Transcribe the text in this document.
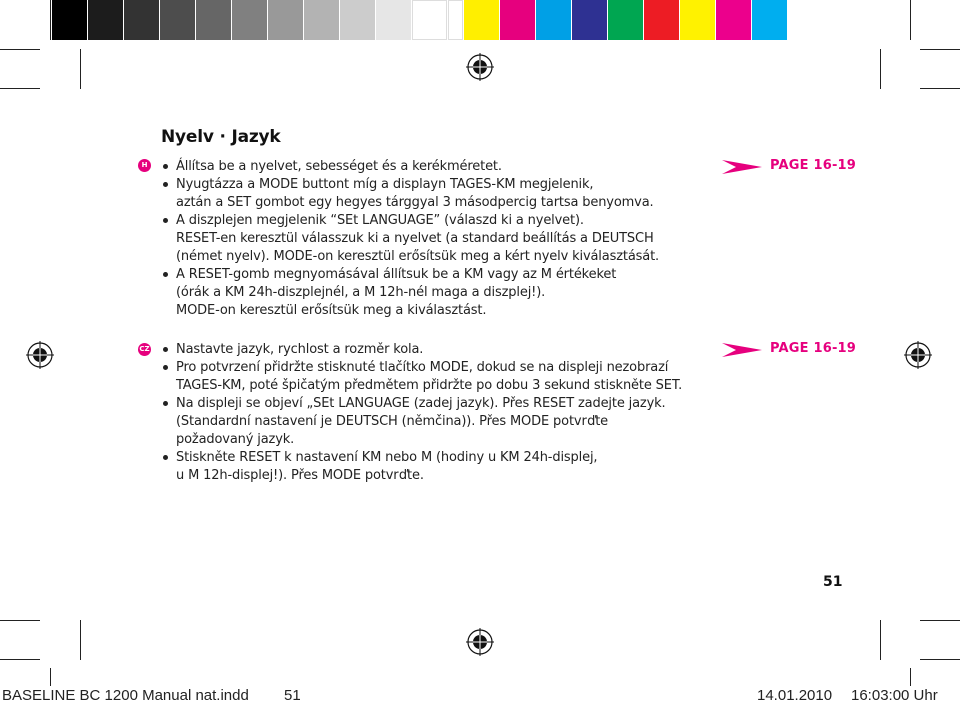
Nyelv · Jazyk
H Állítsa be a nyelvet, sebességet és a kerékméretet.
Nyugtázza a MODE buttont míg a displayn TAGES-KM megjelenik,
aztán a SET gombot egy hegyes tárggyal 3 másodpercig tartsa benyomva.
A diszplejen megjelenik “SEt LANGUAGE” (válaszd ki a nyelvet).
RESET-en keresztül válasszuk ki a nyelvet (a standard beállítás a DEUTSCH
(német nyelv). MODE-on keresztül erősítsük meg a kért nyelv kiválasztását.
A RESET-gomb megnyomásával állítsuk be a KM vagy az M értékeket
(órák a KM 24h-diszplejnél, a M 12h-nél maga a diszplej!).
MODE-on keresztül erősítsük meg a kiválasztást.
PAGE 16-19
CZ Nastavte jazyk, rychlost a rozměr kola.
Pro potvrzení přidržte stisknuté tlačítko MODE, dokud se na displeji nezobrazí
TAGES-KM, poté špičatým předmětem přidržte po dobu 3 sekund stiskněte SET.
Na displeji se objeví „SEt LANGUAGE (zadej jazyk). Přes RESET zadejte jazyk.
(Standardní nastavení je DEUTSCH (němčina)). Přes MODE potvrďte
požadovaný jazyk.
Stiskněte RESET k nastavení KM nebo M (hodiny u KM 24h-displej,
u M 12h-displej!). Přes MODE potvrďte.
PAGE 16-19
51
BASELINE BC 1200 Manual nat.indd 51	14.01.2010 16:03:00 Uhr
